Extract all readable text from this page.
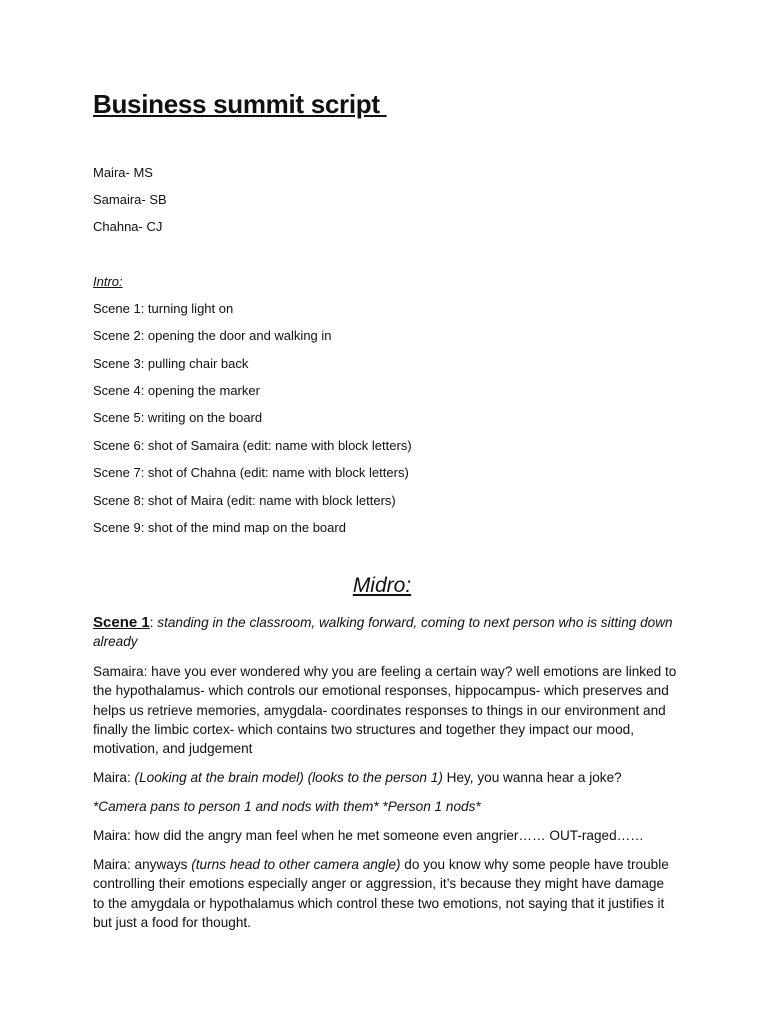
Business summit script
Maira- MS
Samaira- SB
Chahna- CJ
Intro:
Scene 1: turning light on
Scene 2: opening the door and walking in
Scene 3: pulling chair back
Scene 4: opening the marker
Scene 5: writing on the board
Scene 6: shot of Samaira (edit: name with block letters)
Scene 7: shot of Chahna (edit: name with block letters)
Scene 8: shot of Maira (edit: name with block letters)
Scene 9: shot of the mind map on the board
Midro:
Scene 1: standing in the classroom, walking forward, coming to next person who is sitting down already
Samaira: have you ever wondered why you are feeling a certain way? well emotions are linked to the hypothalamus- which controls our emotional responses, hippocampus- which preserves and helps us retrieve memories, amygdala- coordinates responses to things in our environment and finally the limbic cortex- which contains two structures and together they impact our mood, motivation, and judgement
Maira: (Looking at the brain model) (looks to the person 1) Hey, you wanna hear a joke?
*Camera pans to person 1 and nods with them* *Person 1 nods*
Maira: how did the angry man feel when he met someone even angrier…… OUT-raged……
Maira: anyways (turns head to other camera angle) do you know why some people have trouble controlling their emotions especially anger or aggression, it’s because they might have damage to the amygdala or hypothalamus which control these two emotions, not saying that it justifies it but just a food for thought.
